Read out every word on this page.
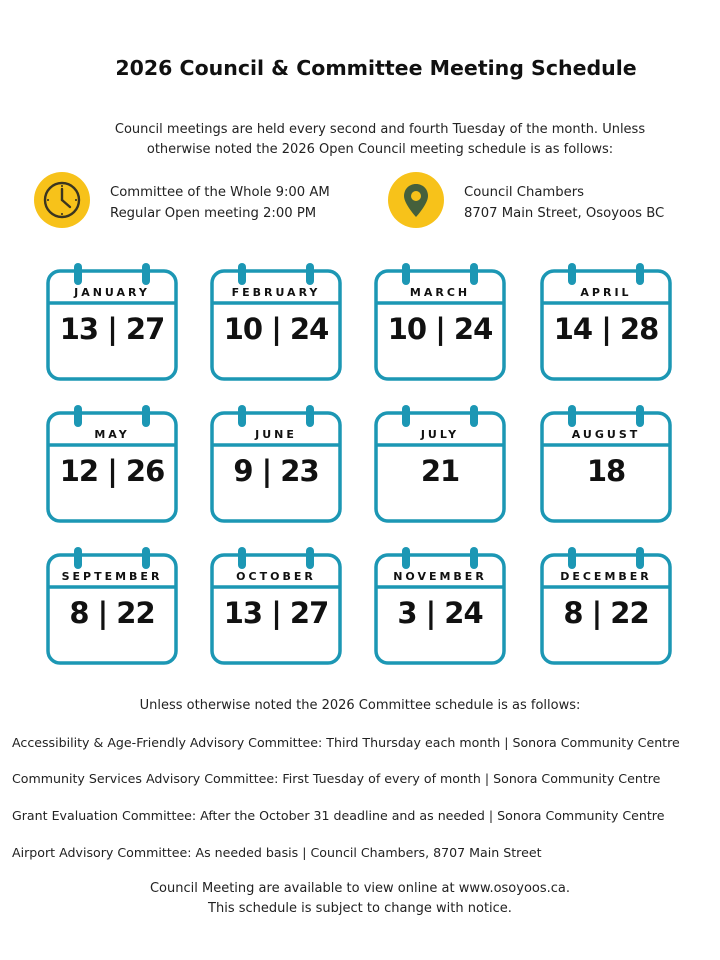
2026 Council & Committee Meeting Schedule

Council meetings are held every second and fourth Tuesday of the month. Unless

otherwise noted the 2026 Open Council meeting schedule is as follows:

Committee of the Whole 9:00 AM
Regular Open meeting 2:00 PM
Council Chambers
8707 Main Street, Osoyoos BC
JANUARY
13 | 27
FEBRUARY
10 | 24
MARCH
10 | 24
APRIL
14 | 28
MAY
12 | 26
JUNE
9 | 23
JULY
21
AUGUST
18
SEPTEMBER
8 | 22
OCTOBER
13 | 27
NOVEMBER
3 | 24
DECEMBER
8 | 22
Unless otherwise noted the 2026 Committee schedule is as follows:
Accessibility & Age-Friendly Advisory Committee: Third Thursday each month | Sonora Community Centre
Community Services Advisory Committee: First Tuesday of every of month | Sonora Community Centre
Grant Evaluation Committee: After the October 31 deadline and as needed | Sonora Community Centre
Airport Advisory Committee: As needed basis | Council Chambers, 8707 Main Street

Council Meeting are available to view online at www.osoyoos.ca.

This schedule is subject to change with notice.
